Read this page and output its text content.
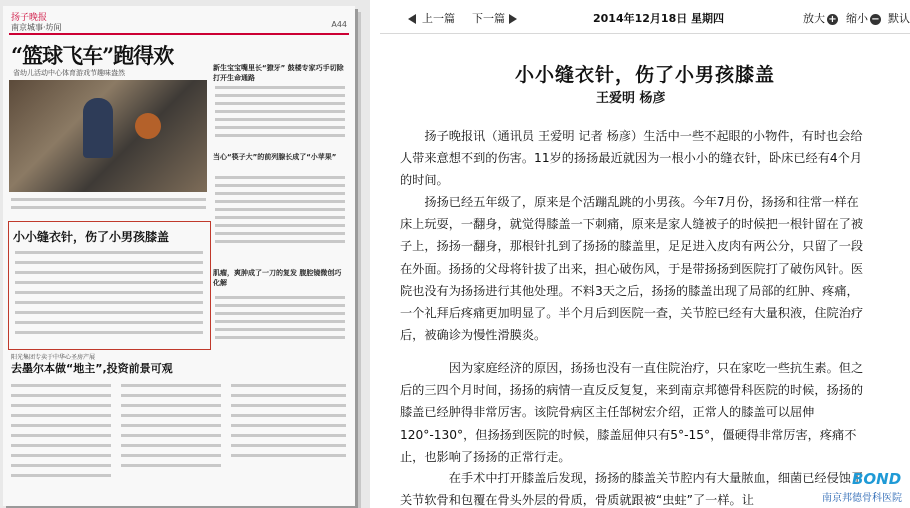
扬子晚报
南京城事·坊间	A44
“篮球飞车”跑得欢
省幼儿活动中心体育游戏节趣味盎然
新生宝宝嘴里长“獠牙” 鼓楼专家巧手切除打开生命通路
当心“筷子大”的前列腺长成了“小苹果”
肌瘤，爽肿成了一刀的复发 腹腔镜微创巧化解
小小缝衣针，伤了小男孩膝盖
阳光集团专卖于中华心圣房产展
去墨尔本做“地主”,投资前景可观
上一篇 下一篇	2014年12月18日 星期四	放大 + 缩小 − 默认
小小缝衣针，伤了小男孩膝盖
王爱明 杨彦
扬子晚报讯（通讯员 王爱明 记者 杨彦）生活中一些不起眼的小物件，有时也会给人带来意想不到的伤害。11岁的扬扬最近就因为一根小小的缝衣针，卧床已经有4个月的时间。
扬扬已经五年级了，原来是个活蹦乱跳的小男孩。今年7月份，扬扬和往常一样在床上玩耍，一翻身，就觉得膝盖一下刺痛，原来是家人缝被子的时候把一根针留在了被子上，扬扬一翻身，那根针扎到了扬扬的膝盖里，足足进入皮肉有两公分，只留了一段在外面。扬扬的父母将针拔了出来，担心破伤风，于是带扬扬到医院打了破伤风针。医院也没有为扬扬进行其他处理。不料3天之后，扬扬的膝盖出现了局部的红肿、疼痛，一个礼拜后疼痛更加明显了。半个月后到医院一查，关节腔已经有大量积液，住院治疗后，被确诊为慢性滑膜炎。
因为家庭经济的原因，扬扬也没有一直住院治疗，只在家吃一些抗生素。但之后的三四个月时间，扬扬的病情一直反反复复，来到南京邦德骨科医院的时候，扬扬的膝盖已经肿得非常厉害。该院骨病区主任郜树宏介绍，正常人的膝盖可以屈伸120°-130°，但扬扬到医院的时候，膝盖屈伸只有5°-15°，僵硬得非常厉害，疼痛不止，也影响了扬扬的正常行走。
在手术中打开膝盖后发现，扬扬的膝盖关节腔内有大量脓血，细菌已经侵蚀了关节软骨和包覆在骨头外层的骨质，骨质就跟被“虫蛀”了一样。让
BOND
南京邦德骨科医院
